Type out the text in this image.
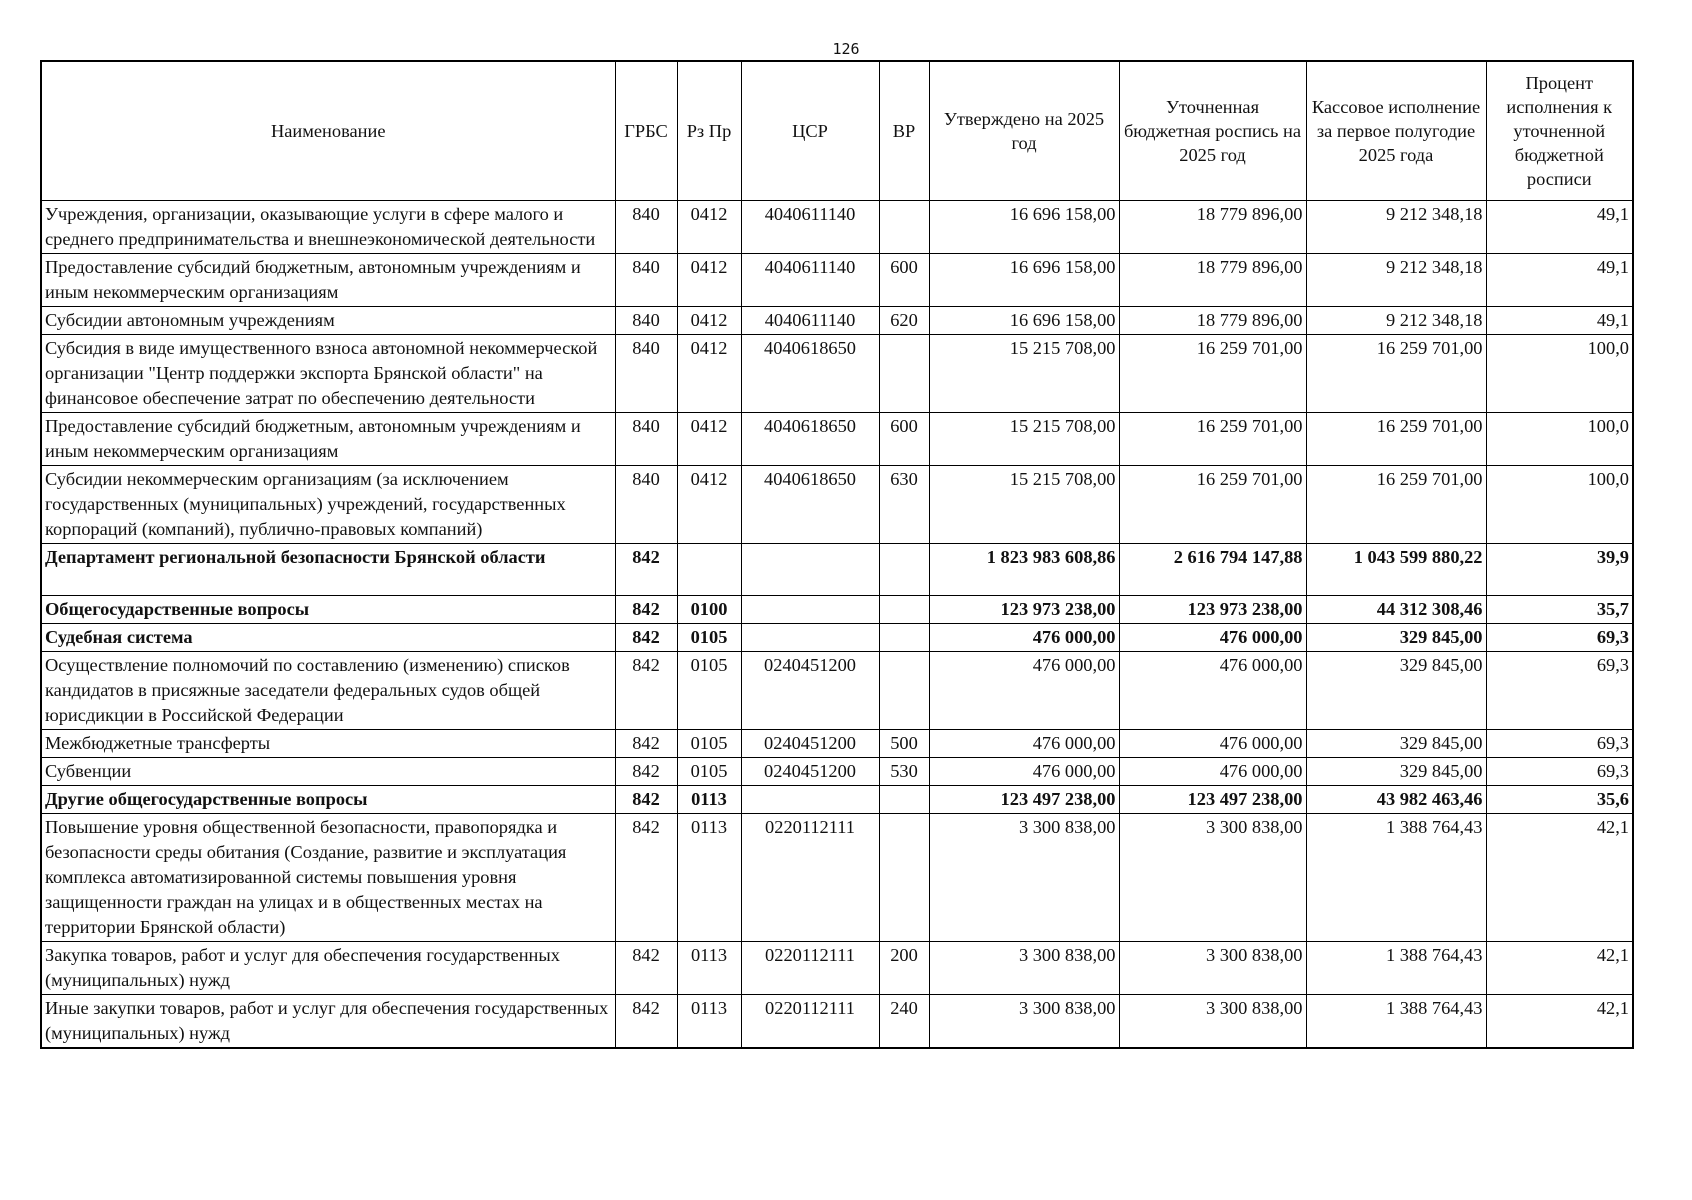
126
Наименование	ГРБС	Рз Пр	ЦСР	ВР	Утверждено на 2025 год	Уточненная бюджетная роспись на 2025 год	Кассовое исполнение за первое полугодие 2025 года	Процент исполнения к уточненной бюджетной росписи
Учреждения, организации, оказывающие услуги в сфере малого и среднего предпринимательства и внешнеэкономической деятельности	840	0412	4040611140		16 696 158,00	18 779 896,00	9 212 348,18	49,1
Предоставление субсидий бюджетным, автономным учреждениям и иным некоммерческим организациям	840	0412	4040611140	600	16 696 158,00	18 779 896,00	9 212 348,18	49,1
Субсидии автономным учреждениям	840	0412	4040611140	620	16 696 158,00	18 779 896,00	9 212 348,18	49,1
Субсидия в виде имущественного взноса автономной некоммерческой организации "Центр поддержки экспорта Брянской области" на финансовое обеспечение затрат по обеспечению деятельности	840	0412	4040618650		15 215 708,00	16 259 701,00	16 259 701,00	100,0
Предоставление субсидий бюджетным, автономным учреждениям и иным некоммерческим организациям	840	0412	4040618650	600	15 215 708,00	16 259 701,00	16 259 701,00	100,0
Субсидии некоммерческим организациям (за исключением государственных (муниципальных) учреждений, государственных корпораций (компаний), публично-правовых компаний)	840	0412	4040618650	630	15 215 708,00	16 259 701,00	16 259 701,00	100,0
Департамент региональной безопасности Брянской области	842				1 823 983 608,86	2 616 794 147,88	1 043 599 880,22	39,9
Общегосударственные вопросы	842	0100			123 973 238,00	123 973 238,00	44 312 308,46	35,7
Судебная система	842	0105			476 000,00	476 000,00	329 845,00	69,3
Осуществление полномочий по составлению (изменению) списков кандидатов в присяжные заседатели федеральных судов общей юрисдикции в Российской Федерации	842	0105	0240451200		476 000,00	476 000,00	329 845,00	69,3
Межбюджетные трансферты	842	0105	0240451200	500	476 000,00	476 000,00	329 845,00	69,3
Субвенции	842	0105	0240451200	530	476 000,00	476 000,00	329 845,00	69,3
Другие общегосударственные вопросы	842	0113			123 497 238,00	123 497 238,00	43 982 463,46	35,6
Повышение уровня общественной безопасности, правопорядка и безопасности среды обитания (Создание, развитие и эксплуатация комплекса автоматизированной системы повышения уровня защищенности граждан на улицах и в общественных местах на территории Брянской области)	842	0113	0220112111		3 300 838,00	3 300 838,00	1 388 764,43	42,1
Закупка товаров, работ и услуг для обеспечения государственных (муниципальных) нужд	842	0113	0220112111	200	3 300 838,00	3 300 838,00	1 388 764,43	42,1
Иные закупки товаров, работ и услуг для обеспечения государственных (муниципальных) нужд	842	0113	0220112111	240	3 300 838,00	3 300 838,00	1 388 764,43	42,1
